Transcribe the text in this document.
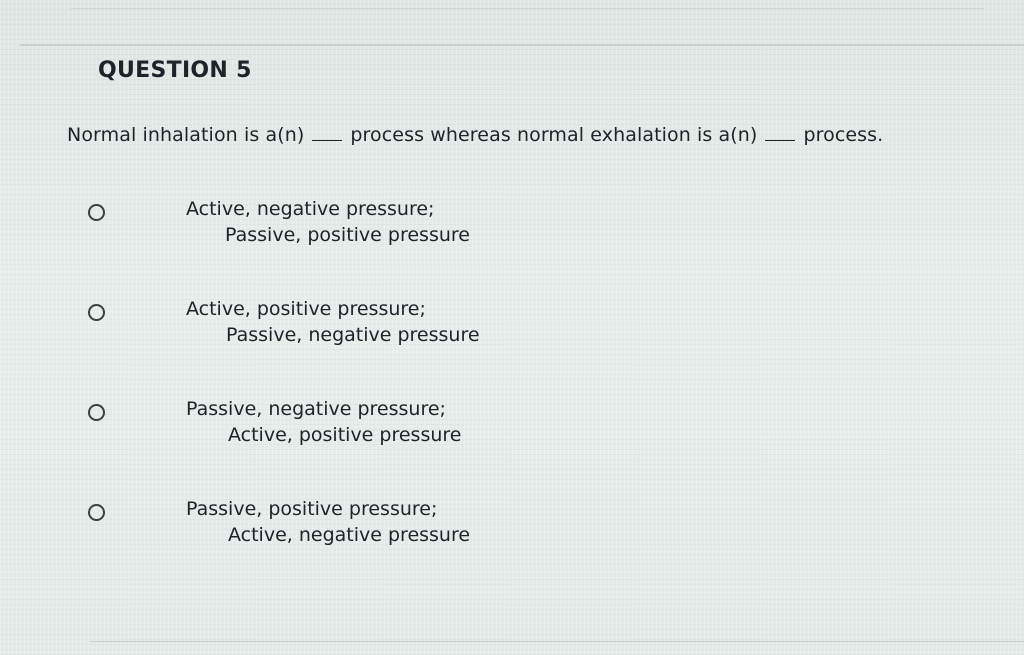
QUESTION 5
Normal inhalation is a(n) process whereas normal exhalation is a(n) process.
Active, negative pressure;
Passive, positive pressure
Active, positive pressure;
Passive, negative pressure
Passive, negative pressure;
Active, positive pressure
Passive, positive pressure;
Active, negative pressure
